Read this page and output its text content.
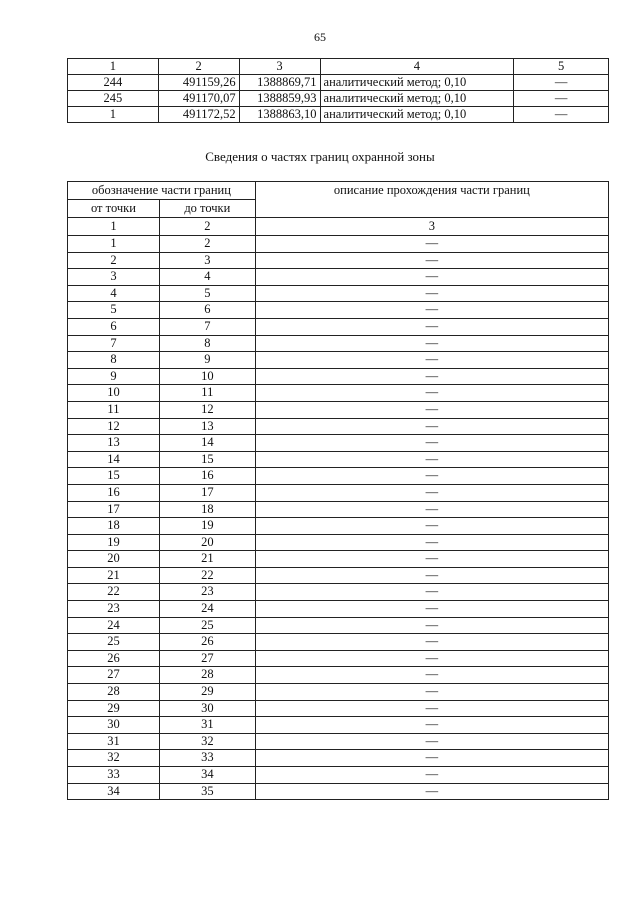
65
1	2	3	4	5
244	491159,26	1388869,71	аналитический метод; 0,10	—
245	491170,07	1388859,93	аналитический метод; 0,10	—
1	491172,52	1388863,10	аналитический метод; 0,10	—
Сведения о частях границ охранной зоны
обозначение части границ		описание прохождения части границ
от точки	до точки	
1	2	3
1	2	—
2	3	—
3	4	—
4	5	—
5	6	—
6	7	—
7	8	—
8	9	—
9	10	—
10	11	—
11	12	—
12	13	—
13	14	—
14	15	—
15	16	—
16	17	—
17	18	—
18	19	—
19	20	—
20	21	—
21	22	—
22	23	—
23	24	—
24	25	—
25	26	—
26	27	—
27	28	—
28	29	—
29	30	—
30	31	—
31	32	—
32	33	—
33	34	—
34	35	—
